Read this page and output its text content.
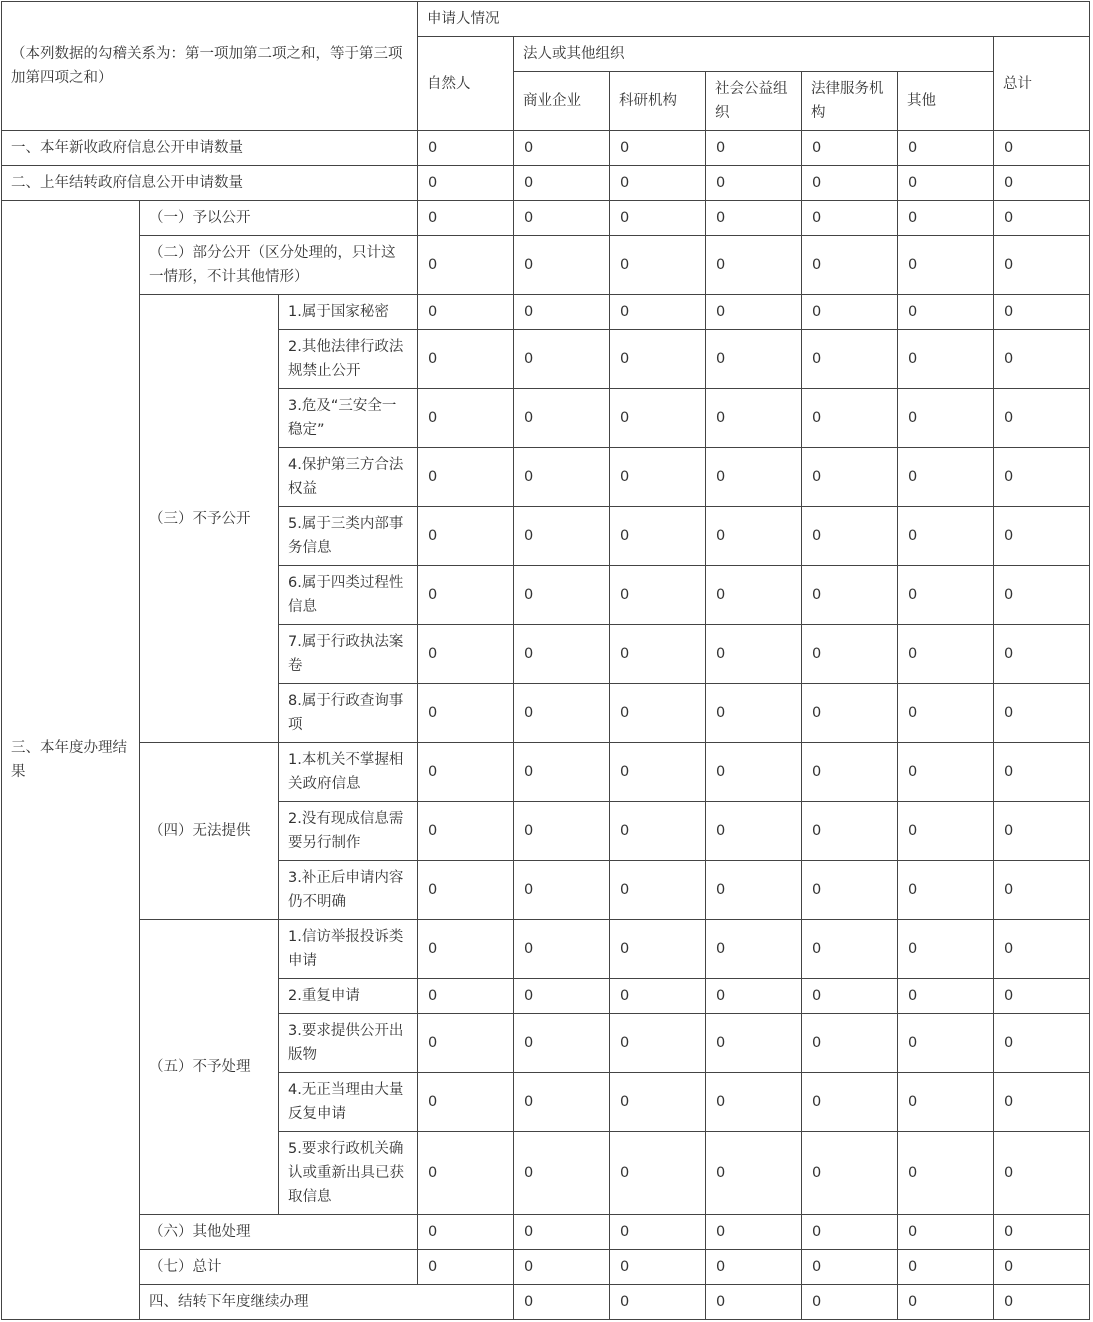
（本列数据的勾稽关系为：第一项加第二项之和，等于第三项加第四项之和）			申请人情况							
			自然人	法人或其他组织					总计	
				商业企业	科研机构	社会公益组织	法律服务机构	其他		
一、本年新收政府信息公开申请数量			0	0	0	0	0	0	0	
二、上年结转政府信息公开申请数量			0	0	0	0	0	0	0	
三、本年度办理结果	（一）予以公开		0	0	0	0	0	0	0	
	（二）部分公开（区分处理的，只计这一情形，不计其他情形）		0	0	0	0	0	0	0	
	（三）不予公开	1.属于国家秘密	0	0	0	0	0	0	0	
		2.其他法律行政法规禁止公开	0	0	0	0	0	0	0	
		3.危及“三安全一稳定”	0	0	0	0	0	0	0	
		4.保护第三方合法权益	0	0	0	0	0	0	0	
		5.属于三类内部事务信息	0	0	0	0	0	0	0	
		6.属于四类过程性信息	0	0	0	0	0	0	0	
		7.属于行政执法案卷	0	0	0	0	0	0	0	
		8.属于行政查询事项	0	0	0	0	0	0	0	
	（四）无法提供	1.本机关不掌握相关政府信息	0	0	0	0	0	0	0	
		2.没有现成信息需要另行制作	0	0	0	0	0	0	0	
		3.补正后申请内容仍不明确	0	0	0	0	0	0	0	
	（五）不予处理	1.信访举报投诉类申请	0	0	0	0	0	0	0	
		2.重复申请	0	0	0	0	0	0	0	
		3.要求提供公开出版物	0	0	0	0	0	0	0	
		4.无正当理由大量反复申请	0	0	0	0	0	0	0	
		5.要求行政机关确认或重新出具已获取信息	0	0	0	0	0	0	0	
	（六）其他处理		0	0	0	0	0	0	0	
	（七）总计		0	0	0	0	0	0	0	
	四、结转下年度继续办理			0	0	0	0	0	0	
